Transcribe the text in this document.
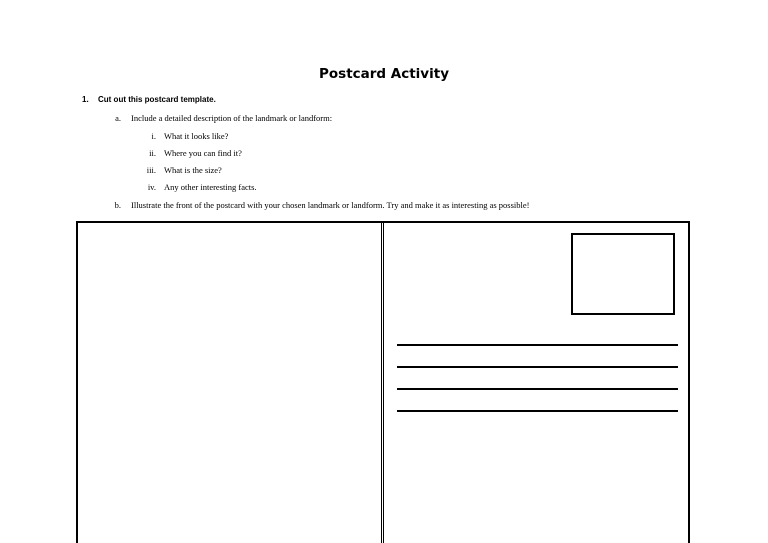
Postcard Activity
1. Cut out this postcard template.
a. Include a detailed description of the landmark or landform:
i. What it looks like?
ii. Where you can find it?
iii. What is the size?
iv. Any other interesting facts.
b. Illustrate the front of the postcard with your chosen landmark or landform. Try and make it as interesting as possible!
